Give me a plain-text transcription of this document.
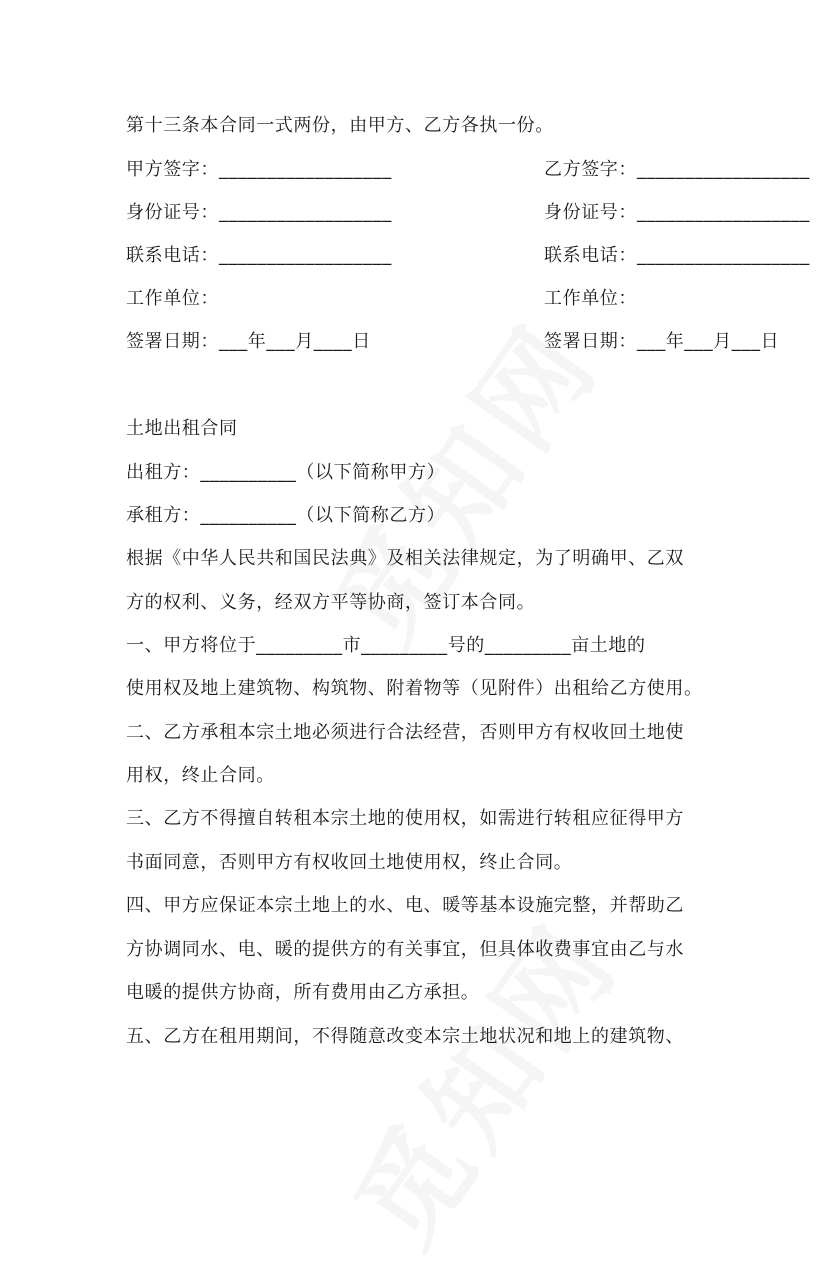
第十三条本合同一式两份，由甲方、乙方各执一份。
甲方签字：__________________	乙方签字：__________________
身份证号：__________________	身份证号：__________________
联系电话：__________________	联系电话：__________________
工作单位：	工作单位：
签署日期：___年___月____日	签署日期：___年___月___日
土地出租合同
出租方：__________（以下简称甲方）
承租方：__________（以下简称乙方）
根据《中华人民共和国民法典》及相关法律规定，为了明确甲、乙双
方的权利、义务，经双方平等协商，签订本合同。
一、甲方将位于_________市_________号的_________亩土地的
使用权及地上建筑物、构筑物、附着物等（见附件）出租给乙方使用。
二、乙方承租本宗土地必须进行合法经营，否则甲方有权收回土地使
用权，终止合同。
三、乙方不得擅自转租本宗土地的使用权，如需进行转租应征得甲方
书面同意，否则甲方有权收回土地使用权，终止合同。
四、甲方应保证本宗土地上的水、电、暖等基本设施完整，并帮助乙
方协调同水、电、暖的提供方的有关事宜，但具体收费事宜由乙与水
电暖的提供方协商，所有费用由乙方承担。
五、乙方在租用期间，不得随意改变本宗土地状况和地上的建筑物、
